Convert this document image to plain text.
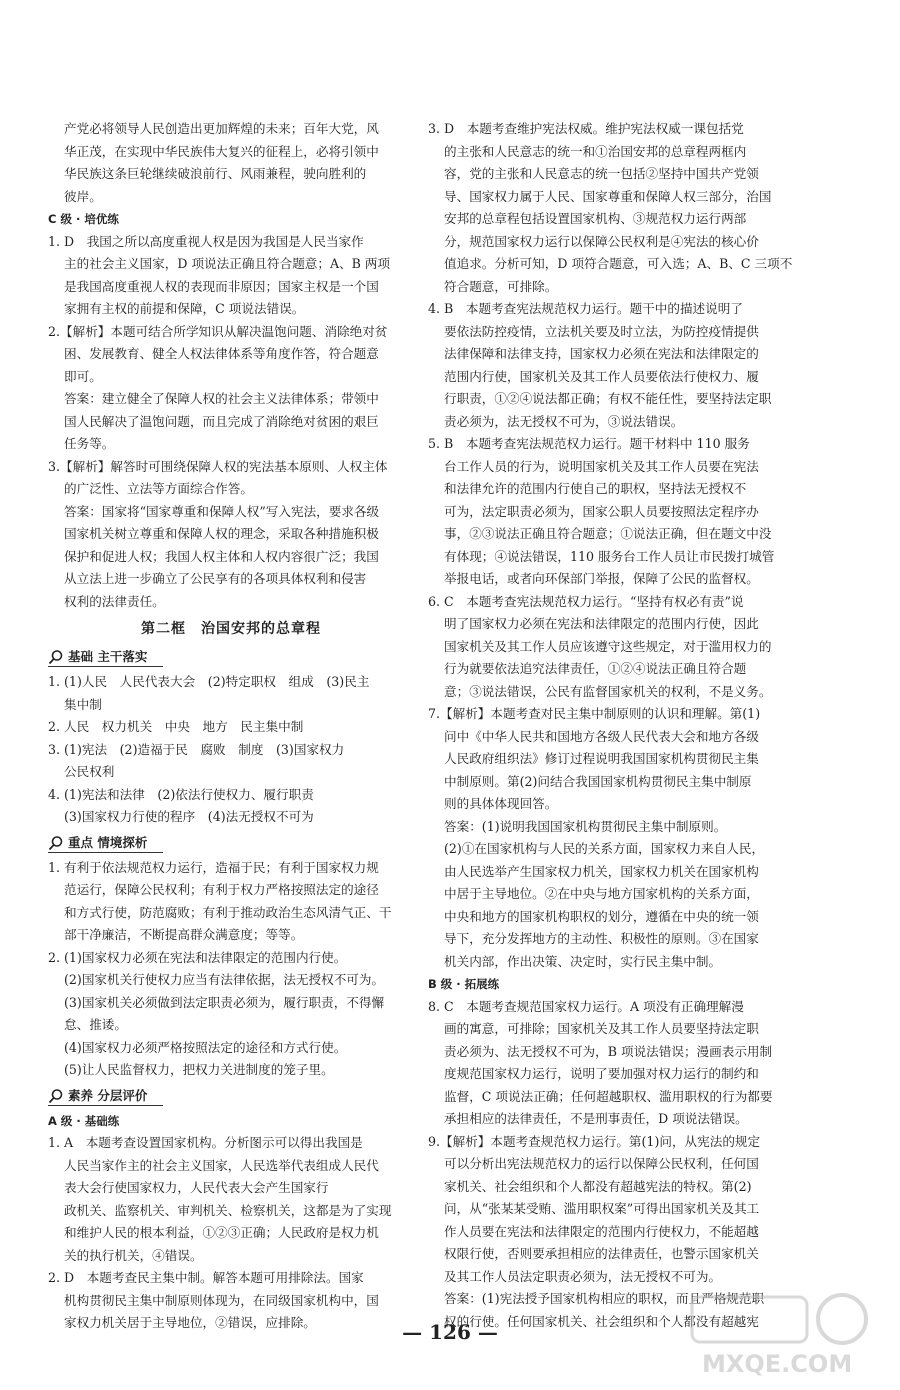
产党必将领导人民创造出更加辉煌的未来；百年大党，风

华正茂，在实现中华民族伟大复兴的征程上，必将引领中

华民族这条巨轮继续破浪前行、风雨兼程，驶向胜利的

彼岸。

C 级 · 培优练

1. D　我国之所以高度重视人权是因为我国是人民当家作

主的社会主义国家，D 项说法正确且符合题意；A、B 两项

是我国高度重视人权的表现而非原因；国家主权是一个国

家拥有主权的前提和保障，C 项说法错误。

2.【解析】本题可结合所学知识从解决温饱问题、消除绝对贫

困、发展教育、健全人权法律体系等角度作答，符合题意

即可。

答案：建立健全了保障人权的社会主义法律体系；带领中

国人民解决了温饱问题，而且完成了消除绝对贫困的艰巨

任务等。

3.【解析】解答时可围绕保障人权的宪法基本原则、人权主体

的广泛性、立法等方面综合作答。

答案：国家将“国家尊重和保障人权”写入宪法，要求各级

国家机关树立尊重和保障人权的理念，采取各种措施积极

保护和促进人权；我国人权主体和人权内容很广泛；我国

从立法上进一步确立了公民享有的各项具体权利和侵害

权利的法律责任。

第二框　治国安邦的总章程

基础 主干落实

1. (1)人民　人民代表大会　(2)特定职权　组成　(3)民主

集中制

2. 人民　权力机关　中央　地方　民主集中制

3. (1)宪法　(2)造福于民　腐败　制度　(3)国家权力

公民权利

4. (1)宪法和法律　(2)依法行使权力、履行职责

(3)国家权力行使的程序　(4)法无授权不可为

重点 情境探析

1. 有利于依法规范权力运行，造福于民；有利于国家权力规

范运行，保障公民权利；有利于权力严格按照法定的途径

和方式行使，防范腐败；有利于推动政治生态风清气正、干

部干净廉洁，不断提高群众满意度；等等。

2. (1)国家权力必须在宪法和法律限定的范围内行使。

(2)国家机关行使权力应当有法律依据，法无授权不可为。

(3)国家机关必须做到法定职责必须为，履行职责，不得懈

怠、推诿。

(4)国家权力必须严格按照法定的途径和方式行使。

(5)让人民监督权力，把权力关进制度的笼子里。

素养 分层评价

A 级 · 基础练

1. A　本题考查设置国家机构。分析图示可以得出我国是

人民当家作主的社会主义国家，人民选举代表组成人民代

表大会行使国家权力，人民代表大会产生国家行

政机关、监察机关、审判机关、检察机关，这都是为了实现

和维护人民的根本利益，①②③正确；人民政府是权力机

关的执行机关，④错误。

2. D　本题考查民主集中制。解答本题可用排除法。国家

机构贯彻民主集中制原则体现为，在同级国家机构中，国

家权力机关居于主导地位，②错误，应排除。

3. D　本题考查维护宪法权威。维护宪法权威一课包括党

的主张和人民意志的统一和①治国安邦的总章程两框内

容，党的主张和人民意志的统一包括②坚持中国共产党领

导、国家权力属于人民、国家尊重和保障人权三部分，治国

安邦的总章程包括设置国家机构、③规范权力运行两部

分，规范国家权力运行以保障公民权利是④宪法的核心价

值追求。分析可知，D 项符合题意，可入选；A、B、C 三项不

符合题意，可排除。

4. B　本题考查宪法规范权力运行。题干中的描述说明了

要依法防控疫情，立法机关要及时立法，为防控疫情提供

法律保障和法律支持，国家权力必须在宪法和法律限定的

范围内行使，国家机关及其工作人员要依法行使权力、履

行职责，①②④说法都正确；有权不能任性，要坚持法定职

责必须为，法无授权不可为，③说法错误。

5. B　本题考查宪法规范权力运行。题干材料中 110 服务

台工作人员的行为，说明国家机关及其工作人员要在宪法

和法律允许的范围内行使自己的职权，坚持法无授权不

可为，法定职责必须为，国家公职人员要按照法定程序办

事，②③说法正确且符合题意；①说法正确，但在题文中没

有体现；④说法错误，110 服务台工作人员让市民拨打城管

举报电话，或者向环保部门举报，保障了公民的监督权。

6. C　本题考查宪法规范权力运行。“坚持有权必有责”说

明了国家权力必须在宪法和法律限定的范围内行使，因此

国家机关及其工作人员应该遵守这些规定，对于滥用权力的

行为就要依法追究法律责任，①②④说法正确且符合题

意；③说法错误，公民有监督国家机关的权利，不是义务。

7.【解析】本题考查对民主集中制原则的认识和理解。第(1)

问中《中华人民共和国地方各级人民代表大会和地方各级

人民政府组织法》修订过程说明我国国家机构贯彻民主集

中制原则。第(2)问结合我国国家机构贯彻民主集中制原

则的具体体现回答。

答案：(1)说明我国国家机构贯彻民主集中制原则。

(2)①在国家机构与人民的关系方面，国家权力来自人民，

由人民选举产生国家权力机关，国家权力机关在国家机构

中居于主导地位。②在中央与地方国家机构的关系方面，

中央和地方的国家机构职权的划分，遵循在中央的统一领

导下，充分发挥地方的主动性、积极性的原则。③在国家

机关内部，作出决策、决定时，实行民主集中制。

B 级 · 拓展练

8. C　本题考查规范国家权力运行。A 项没有正确理解漫

画的寓意，可排除；国家机关及其工作人员要坚持法定职

责必须为、法无授权不可为，B 项说法错误；漫画表示用制

度规范国家权力运行，说明了要加强对权力运行的制约和

监督，C 项说法正确；任何超越职权、滥用职权的行为都要

承担相应的法律责任，不是刑事责任，D 项说法错误。

9.【解析】本题考查规范权力运行。第(1)问，从宪法的规定

可以分析出宪法规范权力的运行以保障公民权利，任何国

家机关、社会组织和个人都没有超越宪法的特权。第(2)

问，从“张某某受贿、滥用职权案”可得出国家机关及其工

作人员要在宪法和法律限定的范围内行使权力，不能超越

权限行使，否则要承担相应的法律责任，也警示国家机关

及其工作人员法定职责必须为，法无授权不可为。

答案：(1)宪法授予国家机构相应的职权，而且严格规范职

权的行使。任何国家机关、社会组织和个人都没有超越宪

— 126 —
MXQE.COM
